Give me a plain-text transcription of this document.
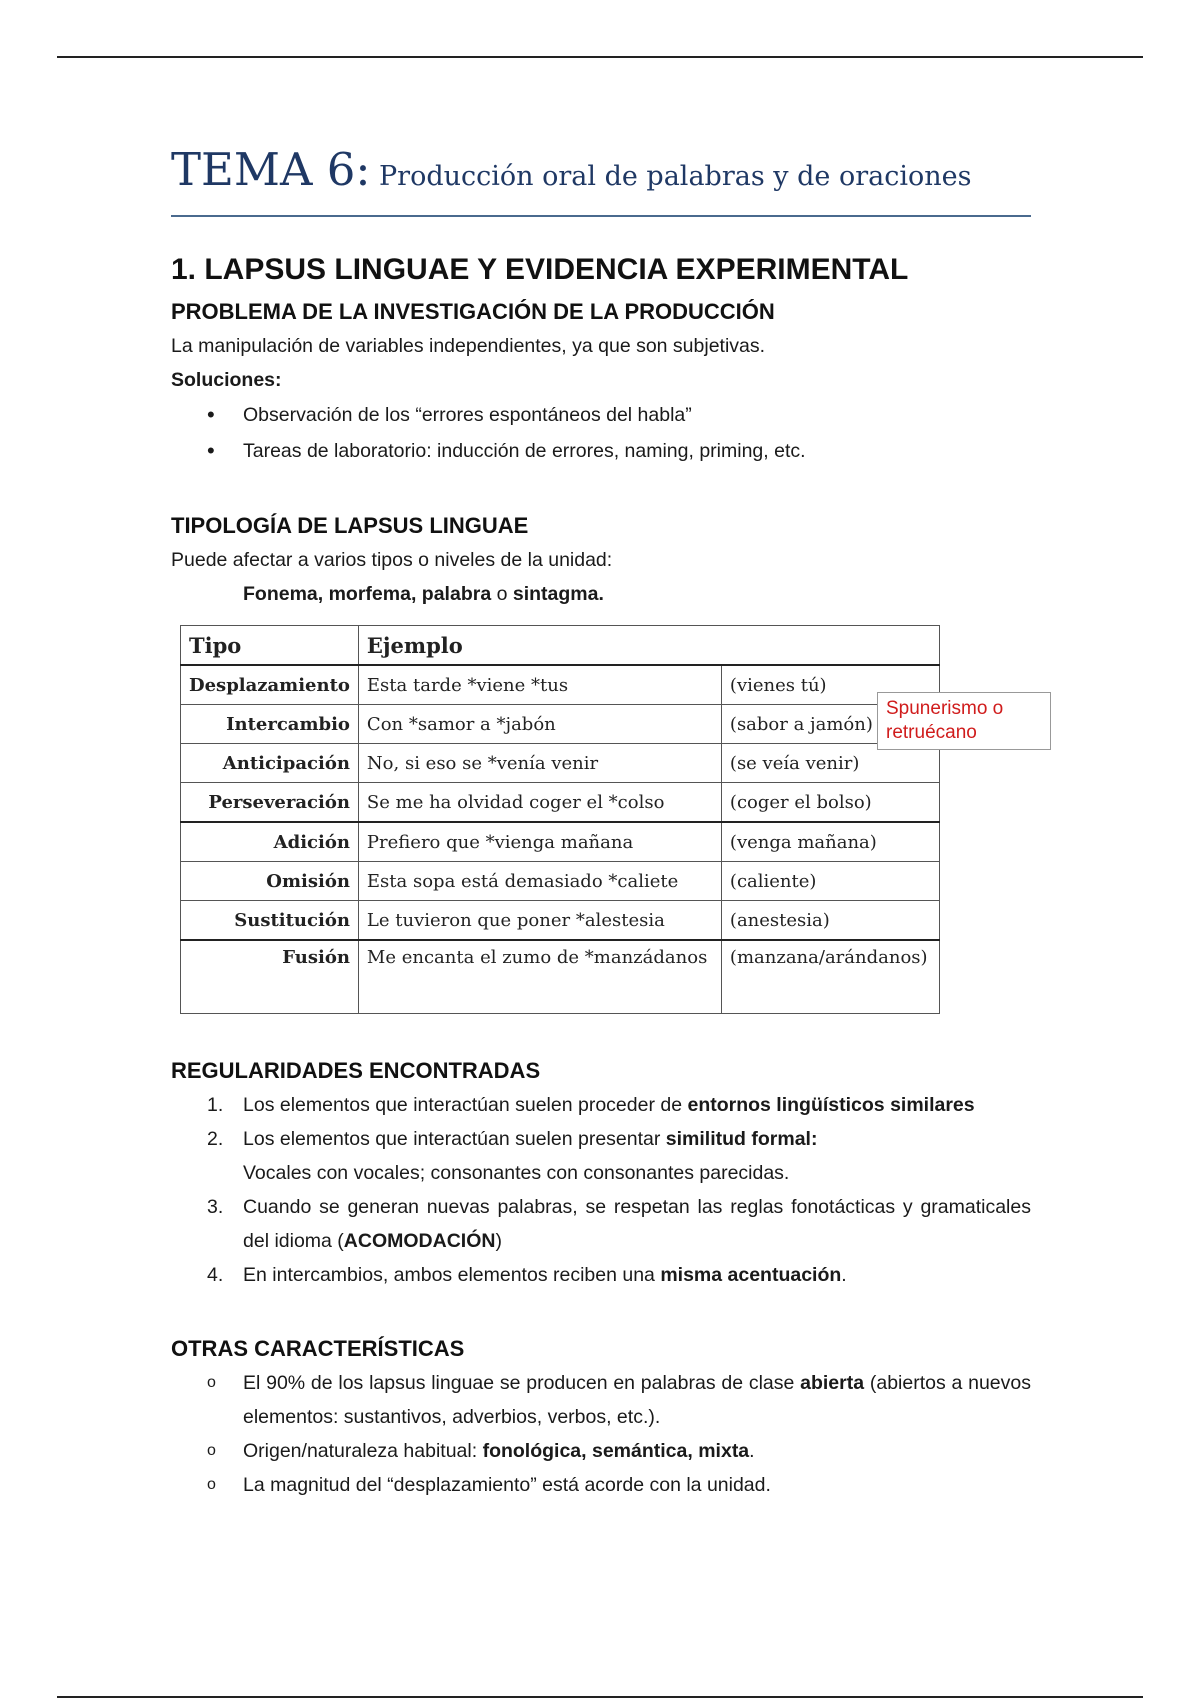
TEMA 6: Producción oral de palabras y de oraciones
1. LAPSUS LINGUAE Y EVIDENCIA EXPERIMENTAL
PROBLEMA DE LA INVESTIGACIÓN DE LA PRODUCCIÓN

La manipulación de variables independientes, ya que son subjetivas.

Soluciones:

• Observación de los “errores espontáneos del habla”
• Tareas de laboratorio: inducción de errores, naming, priming, etc.
TIPOLOGÍA DE LAPSUS LINGUAE

Puede afectar a varios tipos o niveles de la unidad:

Fonema, morfema, palabra o sintagma.

Tipo	Ejemplo	
Desplazamiento	Esta tarde *viene *tus	(vienes tú)
Intercambio	Con *samor a *jabón	(sabor a jamón)
Anticipación	No, si eso se *venía venir	(se veía venir)
Perseveración	Se me ha olvidad coger el *colso	(coger el bolso)
Adición	Prefiero que *vienga mañana	(venga mañana)
Omisión	Esta sopa está demasiado *caliete	(caliente)
Sustitución	Le tuvieron que poner *alestesia	(anestesia)
Fusión	Me encanta el zumo de *manzádanos	(manzana/arándanos)
Spunerismo o retruécano
REGULARIDADES ENCONTRADAS
1. Los elementos que interactúan suelen proceder de entornos lingüísticos similares
2. Los elementos que interactúan suelen presentar similitud formal:
Vocales con vocales; consonantes con consonantes parecidas.
3. Cuando se generan nuevas palabras, se respetan las reglas fonotácticas y gramaticales del idioma (ACOMODACIÓN)
4. En intercambios, ambos elementos reciben una misma acentuación.
OTRAS CARACTERÍSTICAS
o El 90% de los lapsus linguae se producen en palabras de clase abierta (abiertos a nuevos elementos: sustantivos, adverbios, verbos, etc.).
o Origen/naturaleza habitual: fonológica, semántica, mixta.
o La magnitud del “desplazamiento” está acorde con la unidad.
